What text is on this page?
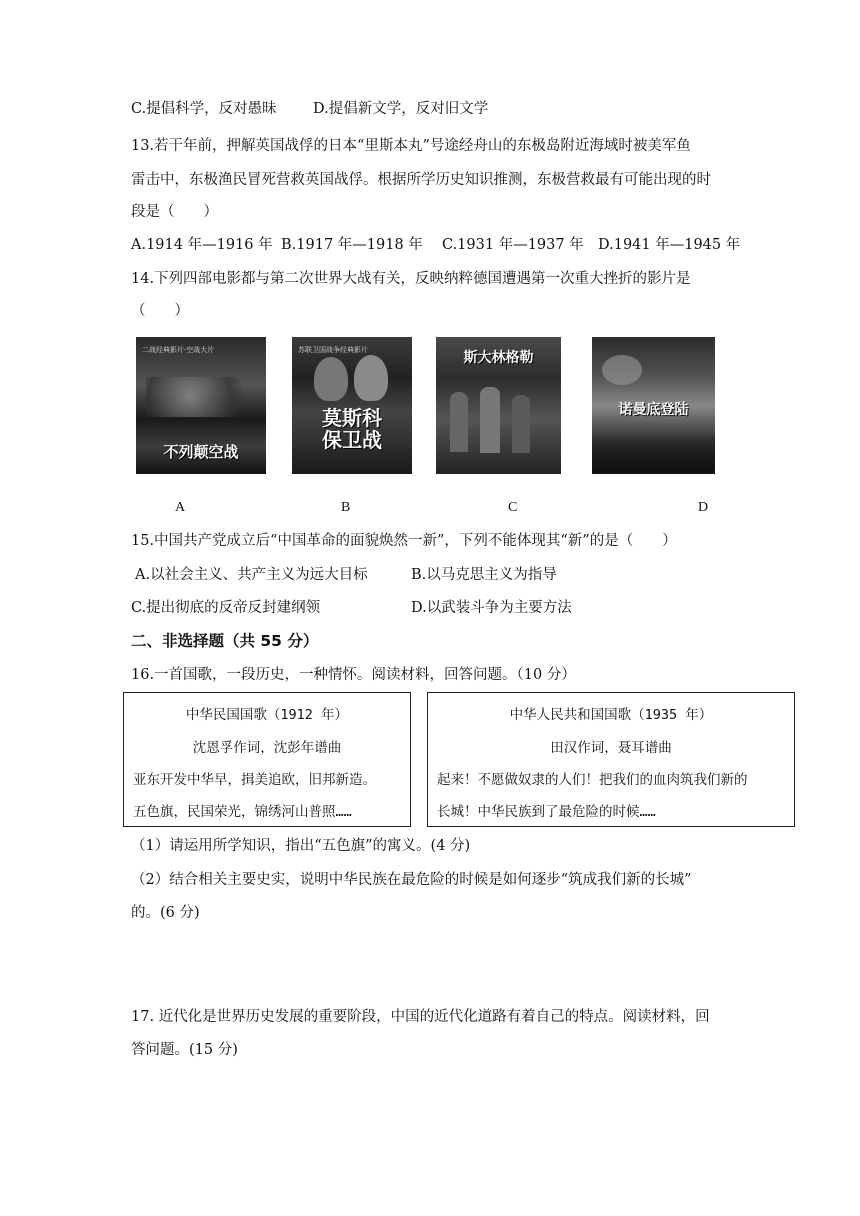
C.提倡科学，反对愚昧	D.提倡新文学，反对旧文学
13.若干年前，押解英国战俘的日本“里斯本丸”号途经舟山的东极岛附近海域时被美军鱼
雷击中，东极渔民冒死营救英国战俘。根据所学历史知识推测，东极营救最有可能出现的时
段是（　　）
A.1914 年—1916 年 B.1917 年—1918 年 C.1931 年—1937 年 D.1941 年—1945 年
14.下列四部电影都与第二次世界大战有关，反映纳粹德国遭遇第一次重大挫折的影片是
（　　）
二战经典影片·空战大片
不列颠空战
苏联卫国战争经典影片
莫斯科
保卫战
斯大林格勒
诺曼底登陆
A	B	C	D
15.中国共产党成立后“中国革命的面貌焕然一新”，下列不能体现其“新”的是（　　）
A.以社会主义、共产主义为远大目标	B.以马克思主义为指导
C.提出彻底的反帝反封建纲领	D.以武装斗争为主要方法
二、非选择题（共 55 分）
16.一首国歌，一段历史，一种情怀。阅读材料，回答问题。（10 分）
中华民国国歌（1912 年）
沈恩孚作词，沈彭年谱曲
亚东开发中华早，揖美追欧，旧邦新造。
五色旗，民国荣光，锦绣河山普照……
中华人民共和国国歌（1935 年）
田汉作词，聂耳谱曲
起来！不愿做奴隶的人们！把我们的血肉筑我们新的
长城！中华民族到了最危险的时候……
（1）请运用所学知识，指出“五色旗”的寓义。(4 分)
（2）结合相关主要史实，说明中华民族在最危险的时候是如何逐步“筑成我们新的长城”
的。(6 分)
17. 近代化是世界历史发展的重要阶段，中国的近代化道路有着自己的特点。阅读材料，回
答问题。(15 分)
